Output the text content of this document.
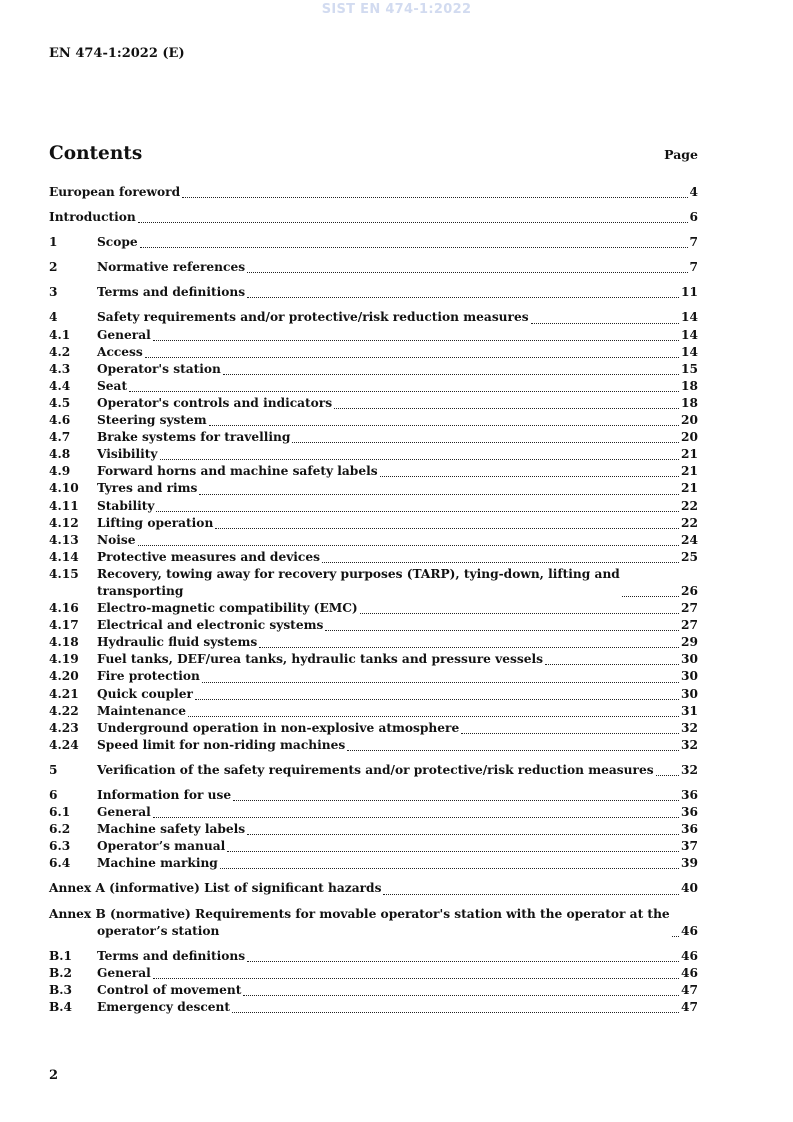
SIST EN 474-1:2022
EN 474-1:2022 (E)
Contents	Page
European foreword	4
Introduction	6
1	Scope	7
2	Normative references	7
3	Terms and definitions	11
4	Safety requirements and/or protective/risk reduction measures	14
4.1	General	14
4.2	Access	14
4.3	Operator's station	15
4.4	Seat	18
4.5	Operator's controls and indicators	18
4.6	Steering system	20
4.7	Brake systems for travelling	20
4.8	Visibility	21
4.9	Forward horns and machine safety labels	21
4.10	Tyres and rims	21
4.11	Stability	22
4.12	Lifting operation	22
4.13	Noise	24
4.14	Protective measures and devices	25
4.15	Recovery, towing away for recovery purposes (TARP), tying-down, lifting and
transporting	26
4.16	Electro-magnetic compatibility (EMC)	27
4.17	Electrical and electronic systems	27
4.18	Hydraulic fluid systems	29
4.19	Fuel tanks, DEF/urea tanks, hydraulic tanks and pressure vessels	30
4.20	Fire protection	30
4.21	Quick coupler	30
4.22	Maintenance	31
4.23	Underground operation in non-explosive atmosphere	32
4.24	Speed limit for non-riding machines	32
5	Verification of the safety requirements and/or protective/risk reduction measures 32
6	Information for use	36
6.1	General	36
6.2	Machine safety labels	36
6.3	Operator’s manual	37
6.4	Machine marking	39
Annex A (informative) List of significant hazards	40
Annex B (normative) Requirements for movable operator's station with the operator at the
operator’s station	46
B.1	Terms and definitions	46
B.2	General	46
B.3	Control of movement	47
B.4	Emergency descent	47
2
